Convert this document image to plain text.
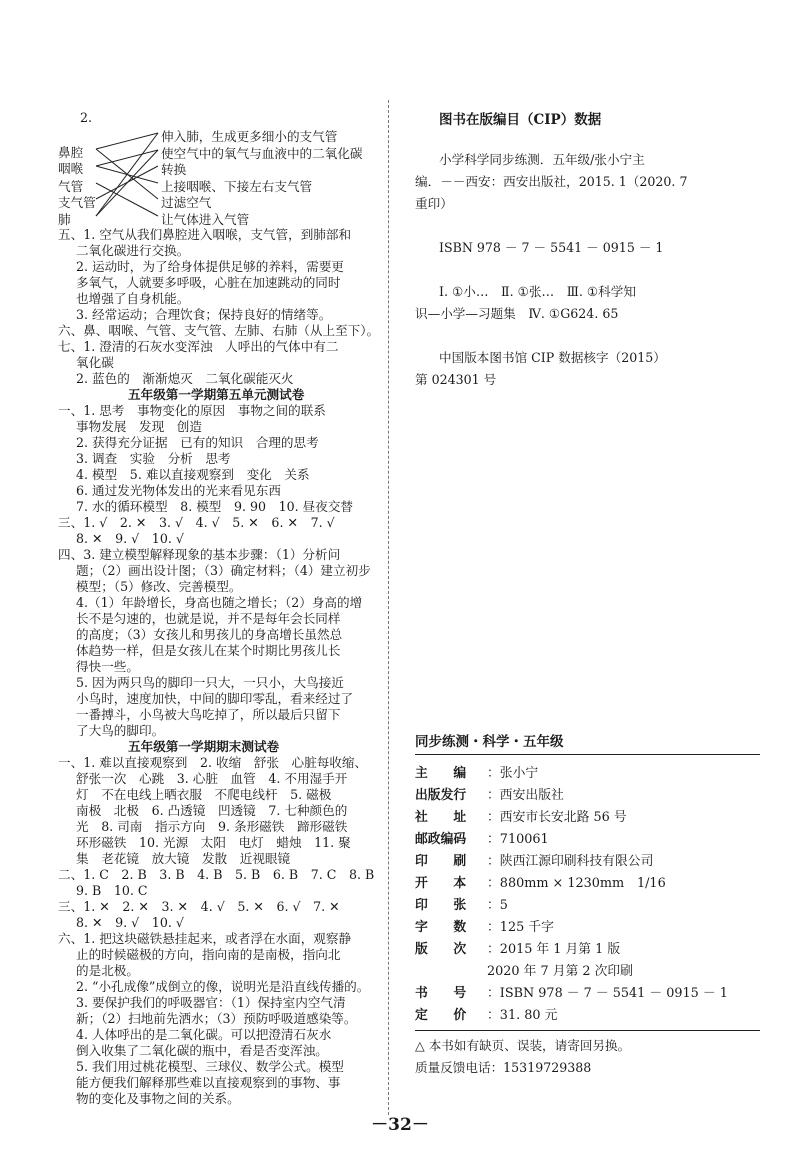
2.
鼻腔
咽喉
气管
支气管
肺
伸入肺，生成更多细小的支气管
使空气中的氧气与血液中的二氧化碳
转换
上接咽喉、下接左右支气管
过滤空气
让气体进入气管
五、1. 空气从我们鼻腔进入咽喉，支气管，到肺部和
二氧化碳进行交换。
2. 运动时，为了给身体提供足够的养料，需要更
多氧气，人就要多呼吸，心脏在加速跳动的同时
也增强了自身机能。
3. 经常运动；合理饮食；保持良好的情绪等。
六、鼻、咽喉、气管、支气管、左肺、右肺（从上至下）。
七、1. 澄清的石灰水变浑浊　人呼出的气体中有二
氧化碳
2. 蓝色的　渐渐熄灭　二氧化碳能灭火
五年级第一学期第五单元测试卷
一、1. 思考　事物变化的原因　事物之间的联系
事物发展　发现　创造
2. 获得充分证据　已有的知识　合理的思考
3. 调查　实验　分析　思考
4. 模型　5. 难以直接观察到　变化　关系
6. 通过发光物体发出的光来看见东西
7. 水的循环模型　8. 模型　9. 90　10. 昼夜交替
三、1. √　2. ✕　3. √　4. √　5. ✕　6. ✕　7. √
8. ✕　9. √　10. √
四、3. 建立模型解释现象的基本步骤：（1）分析问
题；（2）画出设计图；（3）确定材料；（4）建立初步
模型；（5）修改、完善模型。
4.（1）年龄增长，身高也随之增长；（2）身高的增
长不是匀速的，也就是说，并不是每年会长同样
的高度；（3）女孩儿和男孩儿的身高增长虽然总
体趋势一样，但是女孩儿在某个时期比男孩儿长
得快一些。
5. 因为两只鸟的脚印一只大，一只小，大鸟接近
小鸟时，速度加快，中间的脚印零乱，看来经过了
一番搏斗，小鸟被大鸟吃掉了，所以最后只留下
了大鸟的脚印。
五年级第一学期期末测试卷
一、1. 难以直接观察到　2. 收缩　舒张　心脏每收缩、
舒张一次　心跳　3. 心脏　血管　4. 不用湿手开
灯　不在电线上晒衣服　不爬电线杆　5. 磁极
南极　北极　6. 凸透镜　凹透镜　7. 七种颜色的
光　8. 司南　指示方向　9. 条形磁铁　蹄形磁铁
环形磁铁　10. 光源　太阳　电灯　蜡烛　11. 聚
集　老花镜　放大镜　发散　近视眼镜
二、1. C　2. B　3. B　4. B　5. B　6. B　7. C　8. B
9. B　10. C
三、1. ✕　2. ✕　3. ✕　4. √　5. ✕　6. √　7. ✕
8. ✕　9. √　10. √
六、1. 把这块磁铁悬挂起来，或者浮在水面，观察静
止的时候磁极的方向，指向南的是南极，指向北
的是北极。
2. “小孔成像”成倒立的像，说明光是沿直线传播的。
3. 要保护我们的呼吸器官：（1）保持室内空气清
新；（2）扫地前先洒水；（3）预防呼吸道感染等。
4. 人体呼出的是二氧化碳。可以把澄清石灰水
倒入收集了二氧化碳的瓶中，看是否变浑浊。
5. 我们用过桃花模型、三球仪、数学公式。模型
能方便我们解释那些难以直接观察到的事物、事
物的变化及事物之间的关系。
图书在版编目（CIP）数据
小学科学同步练测．五年级/张小宁主
编．－－西安：西安出版社，2015. 1（2020. 7
重印）
ISBN 978 － 7 － 5541 － 0915 － 1
Ⅰ. ①小…　Ⅱ. ①张…　Ⅲ. ①科学知
识—小学—习题集　Ⅳ. ①G624. 65
中国版本图书馆 CIP 数据核字（2015）
第 024301 号
同步练测・科学・五年级
主　　编 ：张小宁
出版发行 ：西安出版社
社　　址 ：西安市长安北路 56 号
邮政编码 ：710061
印　　刷 ：陕西江源印刷科技有限公司
开　　本 ：880mm × 1230mm　1/16
印　　张 ：5
字　　数 ：125 千字
版　　次 ：2015 年 1 月第 1 版
2020 年 7 月第 2 次印刷
书　　号 ：ISBN 978 － 7 － 5541 － 0915 － 1
定　　价 ：31. 80 元
△ 本书如有缺页、误装，请寄回另换。
质量反馈电话：15319729388
－32－
